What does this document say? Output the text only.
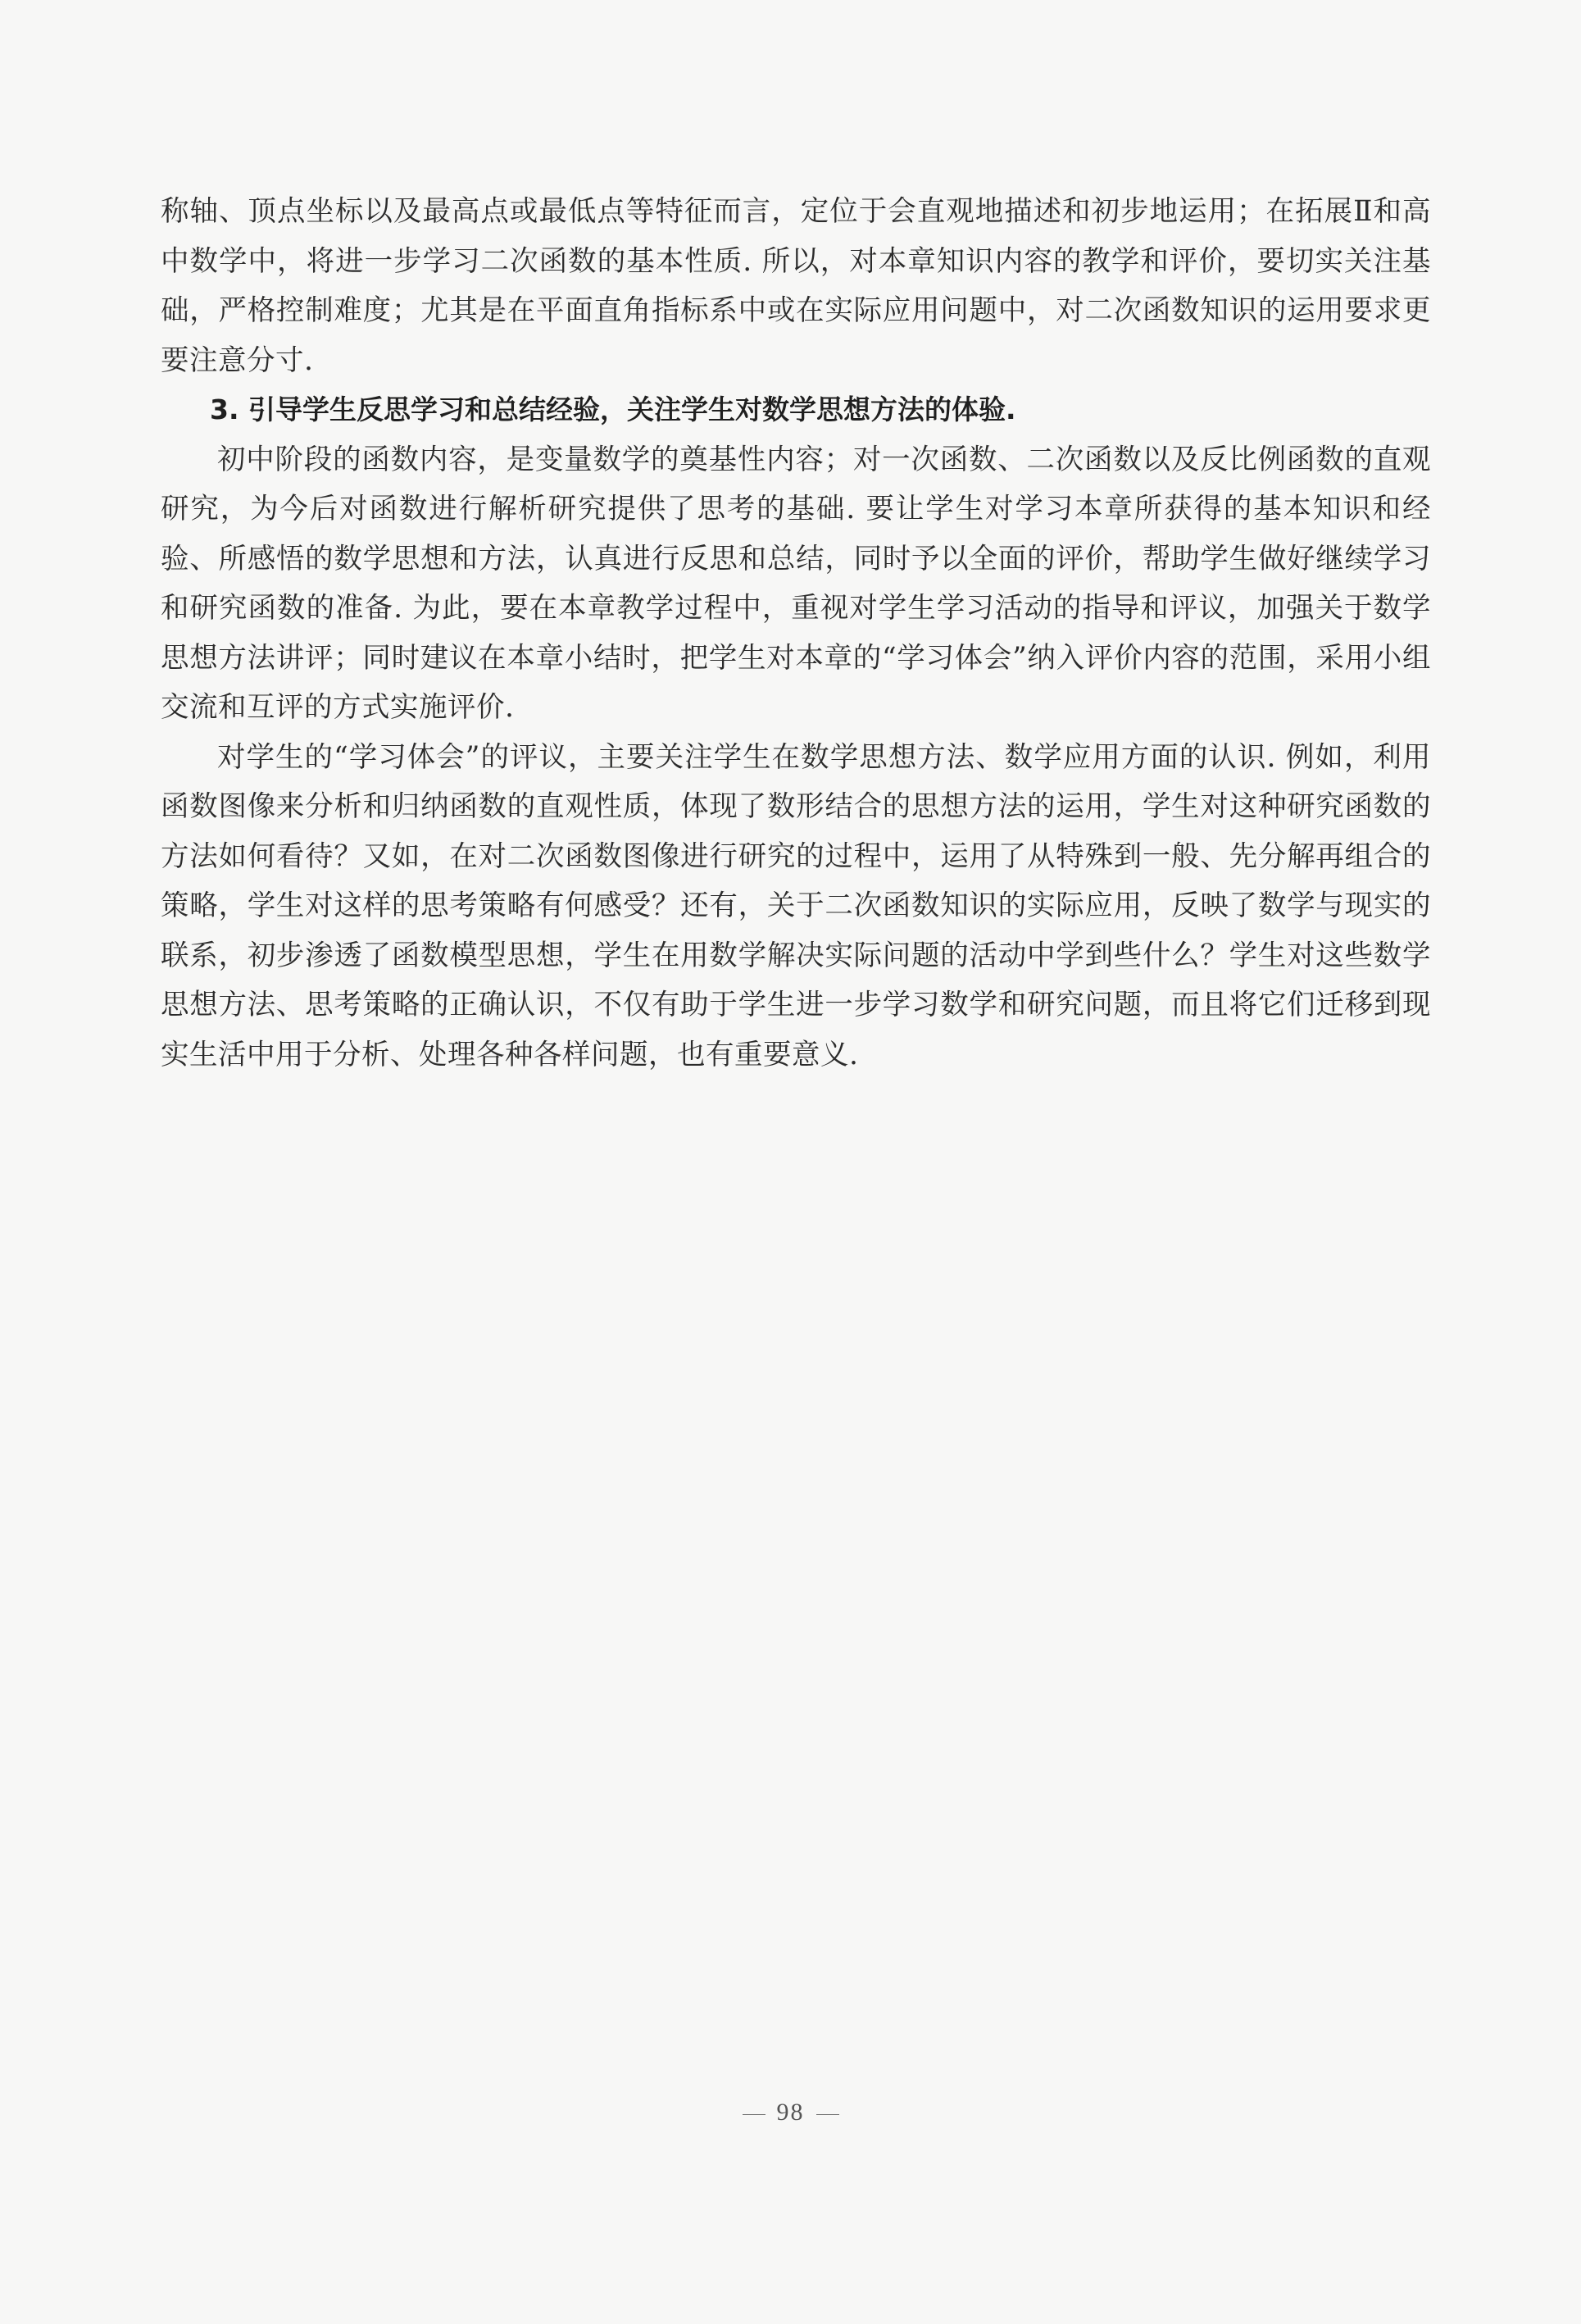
称轴、顶点坐标以及最高点或最低点等特征而言，定位于会直观地描述和初步地运用；在拓展Ⅱ和高中数学中，将进一步学习二次函数的基本性质. 所以，对本章知识内容的教学和评价，要切实关注基础，严格控制难度；尤其是在平面直角指标系中或在实际应用问题中，对二次函数知识的运用要求更要注意分寸.

3. 引导学生反思学习和总结经验，关注学生对数学思想方法的体验.

初中阶段的函数内容，是变量数学的奠基性内容；对一次函数、二次函数以及反比例函数的直观研究，为今后对函数进行解析研究提供了思考的基础. 要让学生对学习本章所获得的基本知识和经验、所感悟的数学思想和方法，认真进行反思和总结，同时予以全面的评价，帮助学生做好继续学习和研究函数的准备. 为此，要在本章教学过程中，重视对学生学习活动的指导和评议，加强关于数学思想方法讲评；同时建议在本章小结时，把学生对本章的“学习体会”纳入评价内容的范围，采用小组交流和互评的方式实施评价.

对学生的“学习体会”的评议，主要关注学生在数学思想方法、数学应用方面的认识. 例如，利用函数图像来分析和归纳函数的直观性质，体现了数形结合的思想方法的运用，学生对这种研究函数的方法如何看待？又如，在对二次函数图像进行研究的过程中，运用了从特殊到一般、先分解再组合的策略，学生对这样的思考策略有何感受？还有，关于二次函数知识的实际应用，反映了数学与现实的联系，初步渗透了函数模型思想，学生在用数学解决实际问题的活动中学到些什么？学生对这些数学思想方法、思考策略的正确认识，不仅有助于学生进一步学习数学和研究问题，而且将它们迁移到现实生活中用于分析、处理各种各样问题，也有重要意义.

98
